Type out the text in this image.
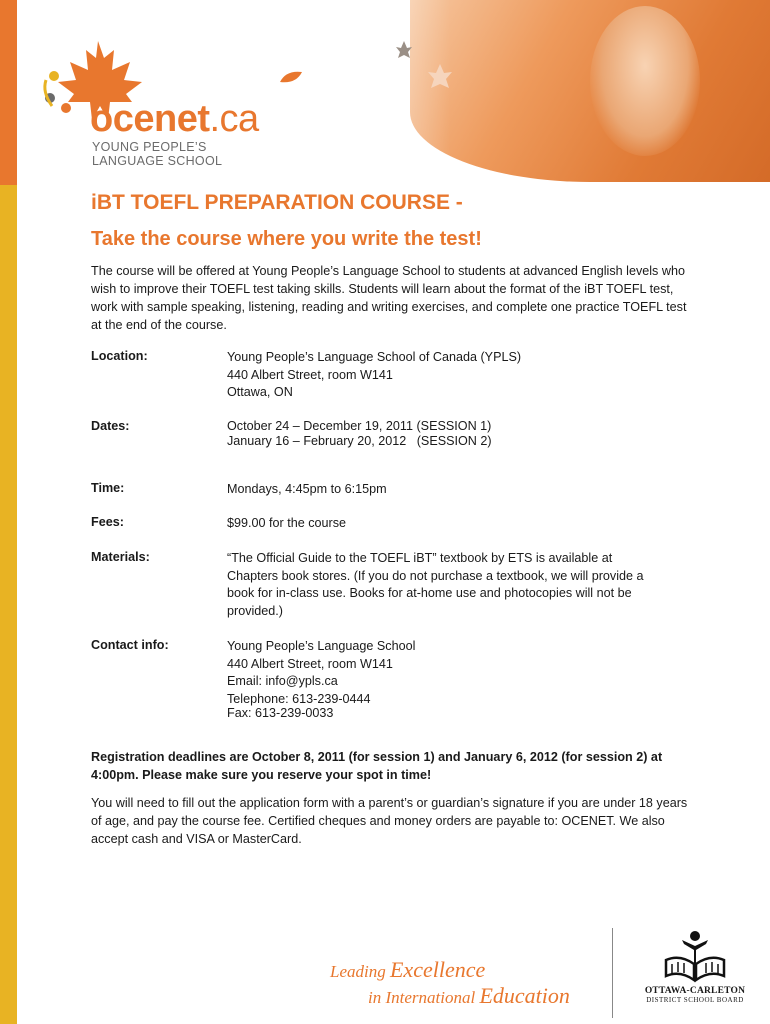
ocenet.ca
YOUNG PEOPLE’S
LANGUAGE SCHOOL
iBT TOEFL PREPARATION COURSE -
Take the course where you write the test!

The course will be offered at Young People’s Language School to students at advanced English levels who wish to improve their TOEFL test taking skills. Students will learn about the format of the iBT TOEFL test, work with sample speaking, listening, reading and writing exercises, and complete one practice TOEFL test at the end of the course.

Location:	Young People’s Language School of Canada (YPLS)
440 Albert Street, room W141
Ottawa, ON
Dates:	October 24 – December 19, 2011 (SESSION 1)
January 16 – February 20, 2012   (SESSION 2)
Time:	Mondays, 4:45pm to 6:15pm
Fees:	$99.00 for the course
Materials:	“The Official Guide to the TOEFL iBT” textbook by ETS is available at Chapters book stores. (If you do not purchase a textbook, we will provide a book for in-class use. Books for at-home use and photocopies will not be provided.)
Contact info:	Young People’s Language School
440 Albert Street, room W141
Email: info@ypls.ca
Telephone: 613-239-0444
Fax: 613-239-0033

Registration deadlines are October 8, 2011 (for session 1) and January 6, 2012 (for session 2) at 4:00pm. Please make sure you reserve your spot in time!

You will need to fill out the application form with a parent’s or guardian’s signature if you are under 18 years of age, and pay the course fee. Certified cheques and money orders are payable to: OCENET. We also accept cash and VISA or MasterCard.

Leading Excellence
in International Education	OTTAWA-CARLETON
DISTRICT SCHOOL BOARD
